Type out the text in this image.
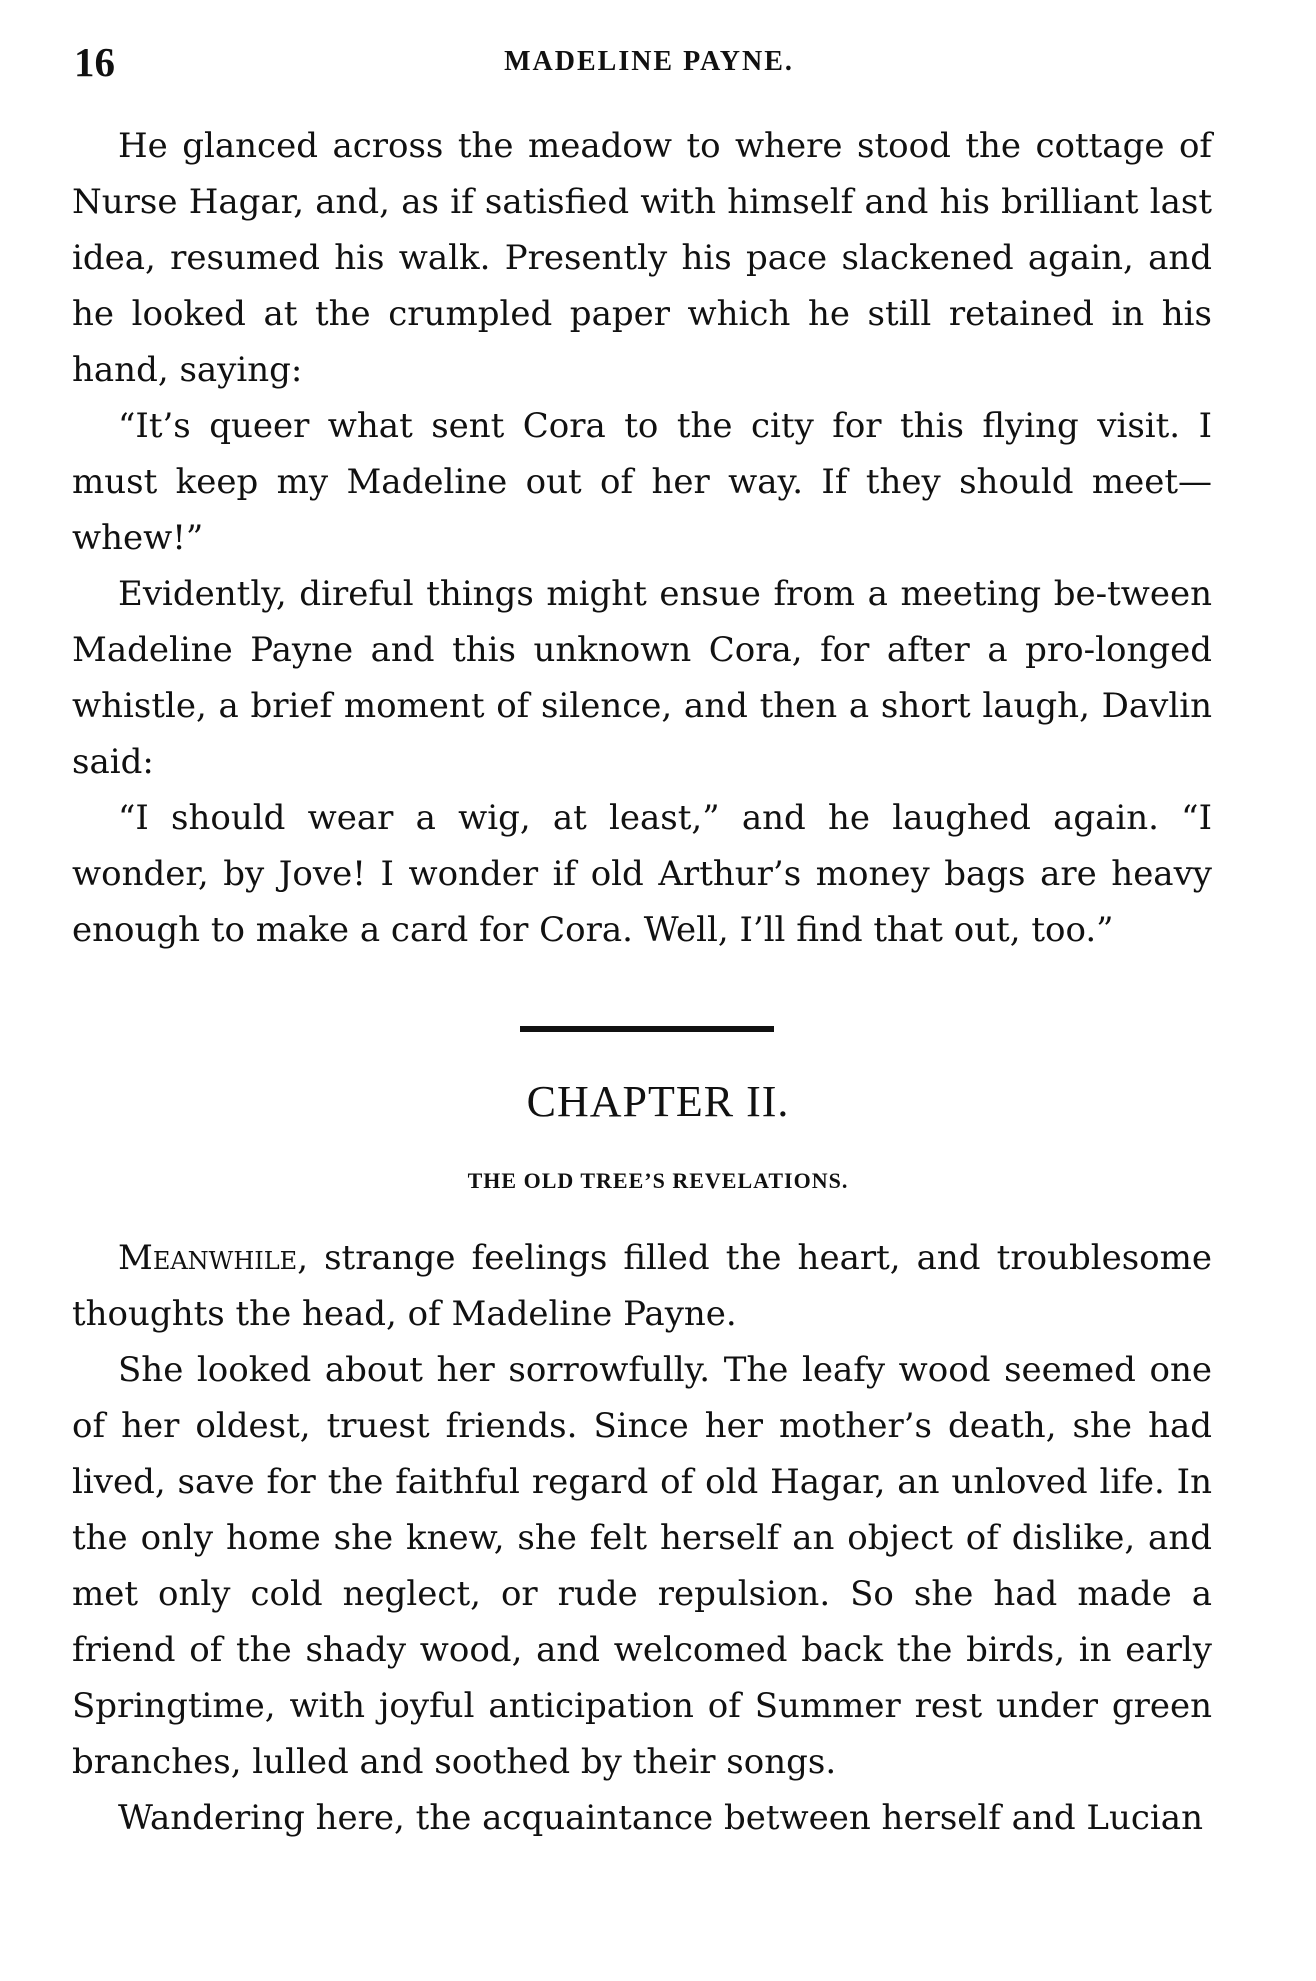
16	MADELINE PAYNE.

He glanced across the meadow to where stood the cottage of Nurse Hagar, and, as if satisfied with himself and his brilliant last idea, resumed his walk. Presently his pace slackened again, and he looked at the crumpled paper which he still retained in his hand, saying:

“It’s queer what sent Cora to the city for this flying visit. I must keep my Madeline out of her way. If they should meet—whew!”

Evidently, direful things might ensue from a meeting be-tween Madeline Payne and this unknown Cora, for after a pro-longed whistle, a brief moment of silence, and then a short laugh, Davlin said:

“I should wear a wig, at least,” and he laughed again. “I wonder, by Jove! I wonder if old Arthur’s money bags are heavy enough to make a card for Cora. Well, I’ll find that out, too.”

CHAPTER II.
THE OLD TREE’S REVELATIONS.

Meanwhile, strange feelings filled the heart, and troublesome thoughts the head, of Madeline Payne.

She looked about her sorrowfully. The leafy wood seemed one of her oldest, truest friends. Since her mother’s death, she had lived, save for the faithful regard of old Hagar, an unloved life. In the only home she knew, she felt herself an object of dislike, and met only cold neglect, or rude repulsion. So she had made a friend of the shady wood, and welcomed back the birds, in early Springtime, with joyful anticipation of Summer rest under green branches, lulled and soothed by their songs.

Wandering here, the acquaintance between herself and Lucian
